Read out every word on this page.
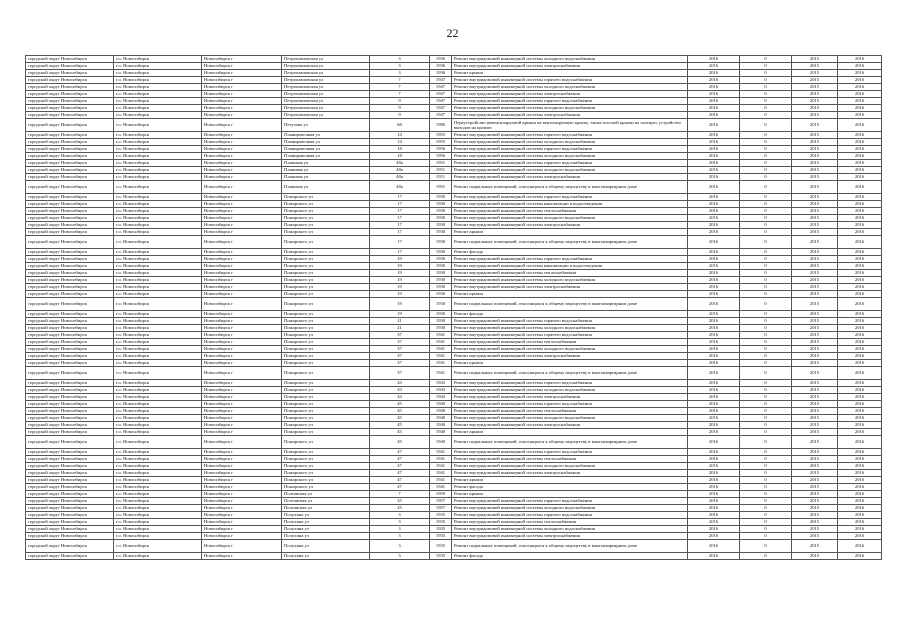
22
городской округ Новосибирск	г.о. Новосибирск	Новосибирск г	Петропавловская ул	3	1936	Ремонт внутридомовой инженерной системы холодного водоснабжения	2016	0	2015	2016
городской округ Новосибирск	г.о. Новосибирск	Новосибирск г	Петропавловская ул	3	1936	Ремонт внутридомовой инженерной системы электроснабжения	2016	0	2015	2016
городской округ Новосибирск	г.о. Новосибирск	Новосибирск г	Петропавловская ул	3	1936	Ремонт крыши	2016	0	2015	2016
городской округ Новосибирск	г.о. Новосибирск	Новосибирск г	Петропавловская ул	7	1947	Ремонт внутридомовой инженерной системы горячего водоснабжения	2016	0	2015	2016
городской округ Новосибирск	г.о. Новосибирск	Новосибирск г	Петропавловская ул	7	1947	Ремонт внутридомовой инженерной системы холодного водоснабжения	2016	0	2015	2016
городской округ Новосибирск	г.о. Новосибирск	Новосибирск г	Петропавловская ул	7	1947	Ремонт внутридомовой инженерной системы электроснабжения	2016	0	2015	2016
городской округ Новосибирск	г.о. Новосибирск	Новосибирск г	Петропавловская ул	9	1947	Ремонт внутридомовой инженерной системы горячего водоснабжения	2016	0	2015	2016
городской округ Новосибирск	г.о. Новосибирск	Новосибирск г	Петропавловская ул	9	1947	Ремонт внутридомовой инженерной системы холодного водоснабжения	2016	0	2015	2016
городской округ Новосибирск	г.о. Новосибирск	Новосибирск г	Петропавловская ул	9	1947	Ремонт внутридомовой инженерной системы электроснабжения	2016	0	2015	2016
городской округ Новосибирск	г.о. Новосибирск	Новосибирск г	Петухова ул	68	1980	Переустройство невентилируемой крыши на вентилируемую крышу, также плоской крыши на скатную, устройство выходов на кровлю	2016	0	2015	2016
городской округ Новосибирск	г.о. Новосибирск	Новосибирск г	Планировочная ул	14	1955	Ремонт внутридомовой инженерной системы горячего водоснабжения	2016	0	2015	2016
городской округ Новосибирск	г.о. Новосибирск	Новосибирск г	Планировочная ул	14	1955	Ремонт внутридомовой инженерной системы холодного водоснабжения	2016	0	2015	2016
городской округ Новосибирск	г.о. Новосибирск	Новосибирск г	Планировочная ул	18	1956	Ремонт внутридомовой инженерной системы горячего водоснабжения	2016	0	2015	2016
городской округ Новосибирск	г.о. Новосибирск	Новосибирск г	Планировочная ул	18	1956	Ремонт внутридомовой инженерной системы холодного водоснабжения	2016	0	2015	2016
городской округ Новосибирск	г.о. Новосибирск	Новосибирск г	Плановая ул	48а	1951	Ремонт внутридомовой инженерной системы горячего водоснабжения	2016	0	2015	2016
городской округ Новосибирск	г.о. Новосибирск	Новосибирск г	Плановая ул	48а	1951	Ремонт внутридомовой инженерной системы холодного водоснабжения	2016	0	2015	2016
городской округ Новосибирск	г.о. Новосибирск	Новосибирск г	Плановая ул	48а	1951	Ремонт внутридомовой инженерной системы электроснабжения	2016	0	2015	2016
городской округ Новосибирск	г.о. Новосибирск	Новосибирск г	Плановая ул	48а	1951	Ремонт подвальных помещений, относящихся к общему имуществу в многоквартирном доме	2016	0	2015	2016
городской округ Новосибирск	г.о. Новосибирск	Новосибирск г	Пожарского ул	17	1930	Ремонт внутридомовой инженерной системы горячего водоснабжения	2016	0	2015	2016
городской округ Новосибирск	г.о. Новосибирск	Новосибирск г	Пожарского ул	17	1930	Ремонт внутридомовой инженерной системы канализации и водоотведения	2016	0	2015	2016
городской округ Новосибирск	г.о. Новосибирск	Новосибирск г	Пожарского ул	17	1930	Ремонт внутридомовой инженерной системы теплоснабжения	2016	0	2015	2016
городской округ Новосибирск	г.о. Новосибирск	Новосибирск г	Пожарского ул	17	1930	Ремонт внутридомовой инженерной системы холодного водоснабжения	2016	0	2015	2016
городской округ Новосибирск	г.о. Новосибирск	Новосибирск г	Пожарского ул	17	1930	Ремонт внутридомовой инженерной системы электроснабжения	2016	0	2015	2016
городской округ Новосибирск	г.о. Новосибирск	Новосибирск г	Пожарского ул	17	1930	Ремонт крыши	2016	0	2015	2016
городской округ Новосибирск	г.о. Новосибирск	Новосибирск г	Пожарского ул	17	1930	Ремонт подвальных помещений, относящихся к общему имуществу в многоквартирном доме	2016	0	2015	2016
городской округ Новосибирск	г.о. Новосибирск	Новосибирск г	Пожарского ул	17	1930	Ремонт фасада	2016	0	2015	2016
городской округ Новосибирск	г.о. Новосибирск	Новосибирск г	Пожарского ул	19	1930	Ремонт внутридомовой инженерной системы горячего водоснабжения	2016	0	2015	2016
городской округ Новосибирск	г.о. Новосибирск	Новосибирск г	Пожарского ул	19	1930	Ремонт внутридомовой инженерной системы канализации и водоотведения	2016	0	2015	2016
городской округ Новосибирск	г.о. Новосибирск	Новосибирск г	Пожарского ул	19	1930	Ремонт внутридомовой инженерной системы теплоснабжения	2016	0	2015	2016
городской округ Новосибирск	г.о. Новосибирск	Новосибирск г	Пожарского ул	19	1930	Ремонт внутридомовой инженерной системы холодного водоснабжения	2016	0	2015	2016
городской округ Новосибирск	г.о. Новосибирск	Новосибирск г	Пожарского ул	19	1930	Ремонт внутридомовой инженерной системы электроснабжения	2016	0	2015	2016
городской округ Новосибирск	г.о. Новосибирск	Новосибирск г	Пожарского ул	19	1930	Ремонт крыши	2016	0	2015	2016
городской округ Новосибирск	г.о. Новосибирск	Новосибирск г	Пожарского ул	19	1930	Ремонт подвальных помещений, относящихся к общему имуществу в многоквартирном доме	2016	0	2015	2016
городской округ Новосибирск	г.о. Новосибирск	Новосибирск г	Пожарского ул	19	1930	Ремонт фасада	2016	0	2015	2016
городской округ Новосибирск	г.о. Новосибирск	Новосибирск г	Пожарского ул	21	1930	Ремонт внутридомовой инженерной системы горячего водоснабжения	2016	0	2015	2016
городской округ Новосибирск	г.о. Новосибирск	Новосибирск г	Пожарского ул	21	1930	Ремонт внутридомовой инженерной системы холодного водоснабжения	2016	0	2015	2016
городской округ Новосибирск	г.о. Новосибирск	Новосибирск г	Пожарского ул	37	1941	Ремонт внутридомовой инженерной системы горячего водоснабжения	2016	0	2015	2016
городской округ Новосибирск	г.о. Новосибирск	Новосибирск г	Пожарского ул	37	1941	Ремонт внутридомовой инженерной системы теплоснабжения	2016	0	2015	2016
городской округ Новосибирск	г.о. Новосибирск	Новосибирск г	Пожарского ул	37	1941	Ремонт внутридомовой инженерной системы холодного водоснабжения	2016	0	2015	2016
городской округ Новосибирск	г.о. Новосибирск	Новосибирск г	Пожарского ул	37	1941	Ремонт внутридомовой инженерной системы электроснабжения	2016	0	2015	2016
городской округ Новосибирск	г.о. Новосибирск	Новосибирск г	Пожарского ул	37	1941	Ремонт крыши	2016	0	2015	2016
городской округ Новосибирск	г.о. Новосибирск	Новосибирск г	Пожарского ул	37	1941	Ремонт подвальных помещений, относящихся к общему имуществу в многоквартирном доме	2016	0	2015	2016
городской округ Новосибирск	г.о. Новосибирск	Новосибирск г	Пожарского ул	43	1943	Ремонт внутридомовой инженерной системы горячего водоснабжения	2016	0	2015	2016
городской округ Новосибирск	г.о. Новосибирск	Новосибирск г	Пожарского ул	43	1943	Ремонт внутридомовой инженерной системы холодного водоснабжения	2016	0	2015	2016
городской округ Новосибирск	г.о. Новосибирск	Новосибирск г	Пожарского ул	43	1943	Ремонт внутридомовой инженерной системы электроснабжения	2016	0	2015	2016
городской округ Новосибирск	г.о. Новосибирск	Новосибирск г	Пожарского ул	45	1940	Ремонт внутридомовой инженерной системы горячего водоснабжения	2016	0	2015	2016
городской округ Новосибирск	г.о. Новосибирск	Новосибирск г	Пожарского ул	45	1940	Ремонт внутридомовой инженерной системы теплоснабжения	2016	0	2015	2016
городской округ Новосибирск	г.о. Новосибирск	Новосибирск г	Пожарского ул	45	1940	Ремонт внутридомовой инженерной системы холодного водоснабжения	2016	0	2015	2016
городской округ Новосибирск	г.о. Новосибирск	Новосибирск г	Пожарского ул	45	1940	Ремонт внутридомовой инженерной системы электроснабжения	2016	0	2015	2016
городской округ Новосибирск	г.о. Новосибирск	Новосибирск г	Пожарского ул	45	1940	Ремонт крыши	2016	0	2015	2016
городской округ Новосибирск	г.о. Новосибирск	Новосибирск г	Пожарского ул	45	1940	Ремонт подвальных помещений, относящихся к общему имуществу в многоквартирном доме	2016	0	2015	2016
городской округ Новосибирск	г.о. Новосибирск	Новосибирск г	Пожарского ул	47	1941	Ремонт внутридомовой инженерной системы горячего водоснабжения	2016	0	2015	2016
городской округ Новосибирск	г.о. Новосибирск	Новосибирск г	Пожарского ул	47	1941	Ремонт внутридомовой инженерной системы теплоснабжения	2016	0	2015	2016
городской округ Новосибирск	г.о. Новосибирск	Новосибирск г	Пожарского ул	47	1941	Ремонт внутридомовой инженерной системы холодного водоснабжения	2016	0	2015	2016
городской округ Новосибирск	г.о. Новосибирск	Новосибирск г	Пожарского ул	47	1941	Ремонт внутридомовой инженерной системы электроснабжения	2016	0	2015	2016
городской округ Новосибирск	г.о. Новосибирск	Новосибирск г	Пожарского ул	47	1941	Ремонт крыши	2016	0	2015	2016
городской округ Новосибирск	г.о. Новосибирск	Новосибирск г	Пожарского ул	47	1941	Ремонт фасада	2016	0	2015	2016
городской округ Новосибирск	г.о. Новосибирск	Новосибирск г	Полтавская ул	7	1959	Ремонт крыши	2016	0	2015	2016
городской округ Новосибирск	г.о. Новосибирск	Новосибирск г	Полтавская ул	25	1957	Ремонт внутридомовой инженерной системы горячего водоснабжения	2016	0	2015	2016
городской округ Новосибирск	г.о. Новосибирск	Новосибирск г	Полтавская ул	25	1957	Ремонт внутридомовой инженерной системы холодного водоснабжения	2016	0	2015	2016
городской округ Новосибирск	г.о. Новосибирск	Новосибирск г	Полухина ул	3	1935	Ремонт внутридомовой инженерной системы горячего водоснабжения	2016	0	2015	2016
городской округ Новосибирск	г.о. Новосибирск	Новосибирск г	Полухина ул	3	1935	Ремонт внутридомовой инженерной системы теплоснабжения	2016	0	2015	2016
городской округ Новосибирск	г.о. Новосибирск	Новосибирск г	Полухина ул	3	1935	Ремонт внутридомовой инженерной системы холодного водоснабжения	2016	0	2015	2016
городской округ Новосибирск	г.о. Новосибирск	Новосибирск г	Полухина ул	3	1935	Ремонт внутридомовой инженерной системы электроснабжения	2016	0	2015	2016
городской округ Новосибирск	г.о. Новосибирск	Новосибирск г	Полухина ул	3	1935	Ремонт подвальных помещений, относящихся к общему имуществу в многоквартирном доме	2016	0	2015	2016
городской округ Новосибирск	г.о. Новосибирск	Новосибирск г	Полухина ул	3	1935	Ремонт фасада	2016	0	2015	2016
